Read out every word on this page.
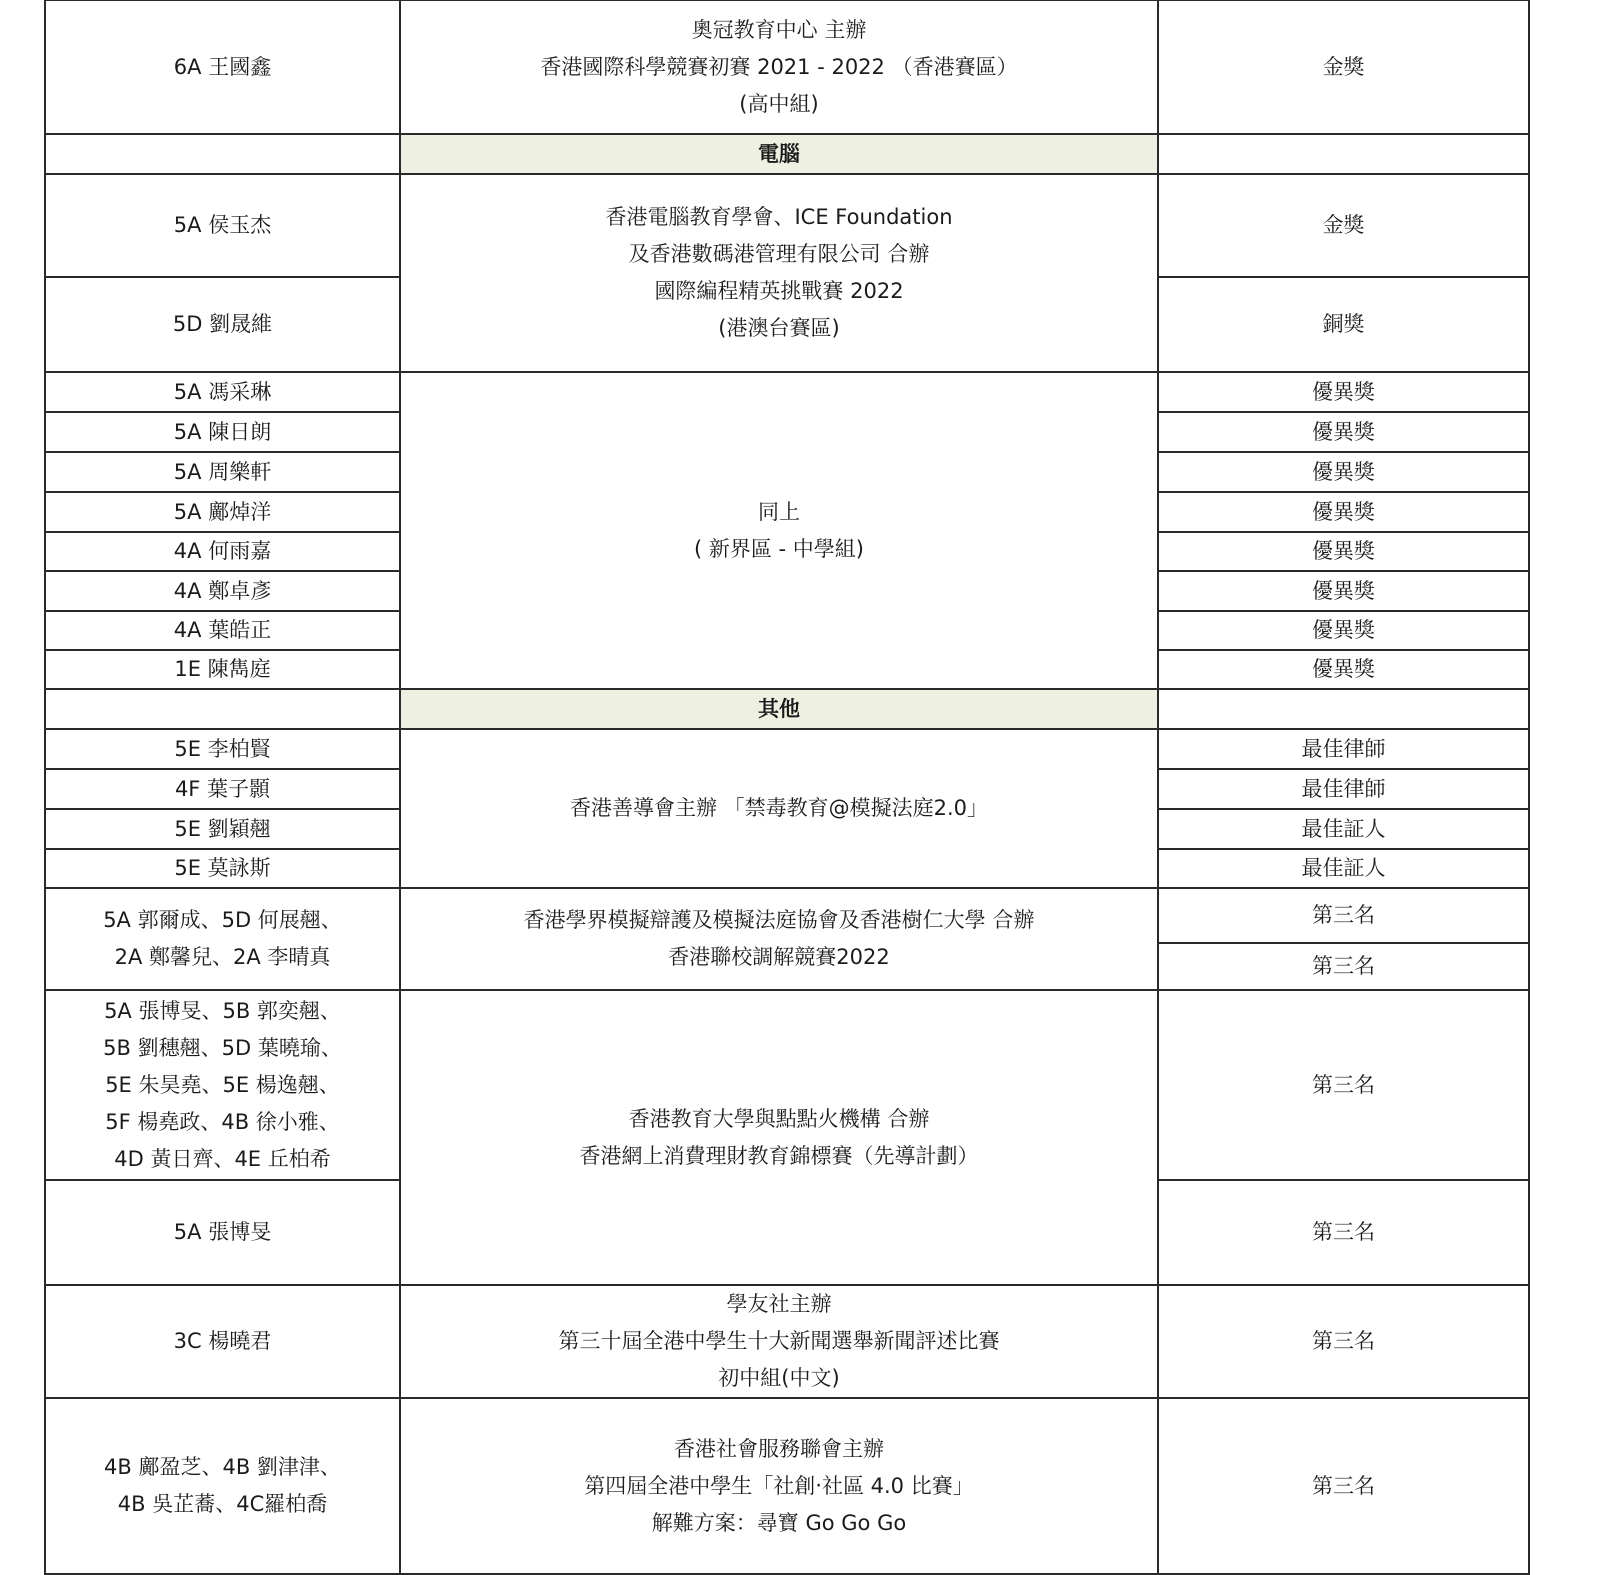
6A 王國鑫	奧冠教育中心 主辦
香港國際科學競賽初賽 2021 - 2022 （香港賽區）
(高中組)	金獎
	電腦	
5A 侯玉杰	香港電腦教育學會、ICE Foundation
及香港數碼港管理有限公司 合辦
國際編程精英挑戰賽 2022
(港澳台賽區)	金獎
5D 劉晟維		銅獎
5A 馮采琳	同上
( 新界區 - 中學組)	優異獎
5A 陳日朗		優異獎
5A 周樂軒		優異獎
5A 鄺焯洋		優異獎
4A 何雨嘉		優異獎
4A 鄭卓彥		優異獎
4A 葉皓正		優異獎
1E 陳雋庭		優異獎
	其他	
5E 李柏賢	香港善導會主辦 「禁毒教育@模擬法庭2.0」	最佳律師
4F 葉子顥		最佳律師
5E 劉穎翹		最佳証人
5E 莫詠斯		最佳証人

5A 郭爾成、5D 何展翹、
2A 鄭馨兒、2A 李晴真	香港學界模擬辯護及模擬法庭協會及香港樹仁大學 合辦
香港聯校調解競賽2022	第三名
		第三名

5A 張博旻、5B 郭奕翹、
5B 劉穗翹、5D 葉曉瑜、
5E 朱昊堯、5E 楊逸翹、
5F 楊堯政、4B 徐小雅、
4D 黃日齊、4E 丘柏希	香港教育大學與點點火機構 合辦
香港網上消費理財教育錦標賽（先導計劃）	第三名
5A 張博旻		第三名
3C 楊曉君	學友社主辦
第三十屆全港中學生十大新聞選舉新聞評述比賽
初中組(中文)	第三名

4B 鄺盈芝、4B 劉津津、
4B 吳芷蕎、4C羅柏喬	香港社會服務聯會主辦
第四屆全港中學生「社創‧社區 4.0 比賽」
解難方案：尋寶 Go Go Go	第三名
